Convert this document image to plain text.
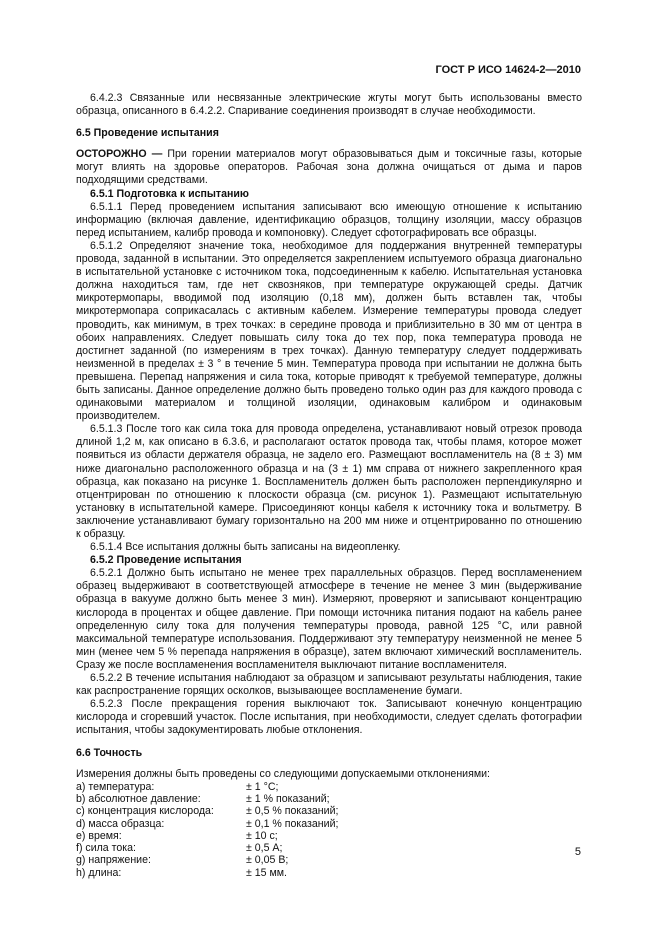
ГОСТ Р ИСО 14624-2—2010

6.4.2.3 Связанные или несвязанные электрические жгуты могут быть использованы вместо образца, описанного в 6.4.2.2. Спаривание соединения производят в случае необходимости.

6.5 Проведение испытания

ОСТОРОЖНО — При горении материалов могут образовываться дым и токсичные газы, которые могут влиять на здоровье операторов. Рабочая зона должна очищаться от дыма и паров подходящими средствами.

6.5.1 Подготовка к испытанию

6.5.1.1 Перед проведением испытания записывают всю имеющую отношение к испытанию информацию (включая давление, идентификацию образцов, толщину изоляции, массу образцов перед испытанием, калибр провода и компоновку). Следует сфотографировать все образцы.

6.5.1.2 Определяют значение тока, необходимое для поддержания внутренней температуры провода, заданной в испытании. Это определяется закреплением испытуемого образца диагонально в испытательной установке с источником тока, подсоединенным к кабелю. Испытательная установка должна находиться там, где нет сквозняков, при температуре окружающей среды. Датчик микротермопары, вводимой под изоляцию (0,18 мм), должен быть вставлен так, чтобы микротермопара соприкасалась с активным кабелем. Измерение температуры провода следует проводить, как минимум, в трех точках: в середине провода и приблизительно в 30 мм от центра в обоих направлениях. Следует повышать силу тока до тех пор, пока температура провода не достигнет заданной (по измерениям в трех точках). Данную температуру следует поддерживать неизменной в пределах ± 3 ° в течение 5 мин. Температура провода при испытании не должна быть превышена. Перепад напряжения и сила тока, которые приводят к требуемой температуре, должны быть записаны. Данное определение должно быть проведено только один раз для каждого провода с одинаковыми материалом и толщиной изоляции, одинаковым калибром и одинаковым производителем.

6.5.1.3 После того как сила тока для провода определена, устанавливают новый отрезок провода длиной 1,2 м, как описано в 6.3.6, и располагают остаток провода так, чтобы пламя, которое может появиться из области держателя образца, не задело его. Размещают воспламенитель на (8 ± 3) мм ниже диагонально расположенного образца и на (3 ± 1) мм справа от нижнего закрепленного края образца, как показано на рисунке 1. Воспламенитель должен быть расположен перпендикулярно и отцентрирован по отношению к плоскости образца (см. рисунок 1). Размещают испытательную установку в испытательной камере. Присоединяют концы кабеля к источнику тока и вольтметру. В заключение устанавливают бумагу горизонтально на 200 мм ниже и отцентрированно по отношению к образцу.

6.5.1.4 Все испытания должны быть записаны на видеопленку.

6.5.2 Проведение испытания

6.5.2.1 Должно быть испытано не менее трех параллельных образцов. Перед воспламенением образец выдерживают в соответствующей атмосфере в течение не менее 3 мин (выдерживание образца в вакууме должно быть менее 3 мин). Измеряют, проверяют и записывают концентрацию кислорода в процентах и общее давление. При помощи источника питания подают на кабель ранее определенную силу тока для получения температуры провода, равной 125 °С, или равной максимальной температуре использования. Поддерживают эту температуру неизменной не менее 5 мин (менее чем 5 % перепада напряжения в образце), затем включают химический воспламенитель. Сразу же после воспламенения воспламенителя выключают питание воспламенителя.

6.5.2.2 В течение испытания наблюдают за образцом и записывают результаты наблюдения, такие как распространение горящих осколков, вызывающее воспламенение бумаги.

6.5.2.3 После прекращения горения выключают ток. Записывают конечную концентрацию кислорода и сгоревший участок. После испытания, при необходимости, следует сделать фотографии испытания, чтобы задокументировать любые отклонения.

6.6 Точность

Измерения должны быть проведены со следующими допускаемыми отклонениями:

a) температура:	± 1 °С;
b) абсолютное давление:	± 1 % показаний;
c) концентрация кислорода:	± 0,5 % показаний;
d) масса образца:	± 0,1 % показаний;
e) время:	± 10 с;
f) сила тока:	± 0,5 А;
g) напряжение:	± 0,05 В;
h) длина:	± 15 мм.
5
